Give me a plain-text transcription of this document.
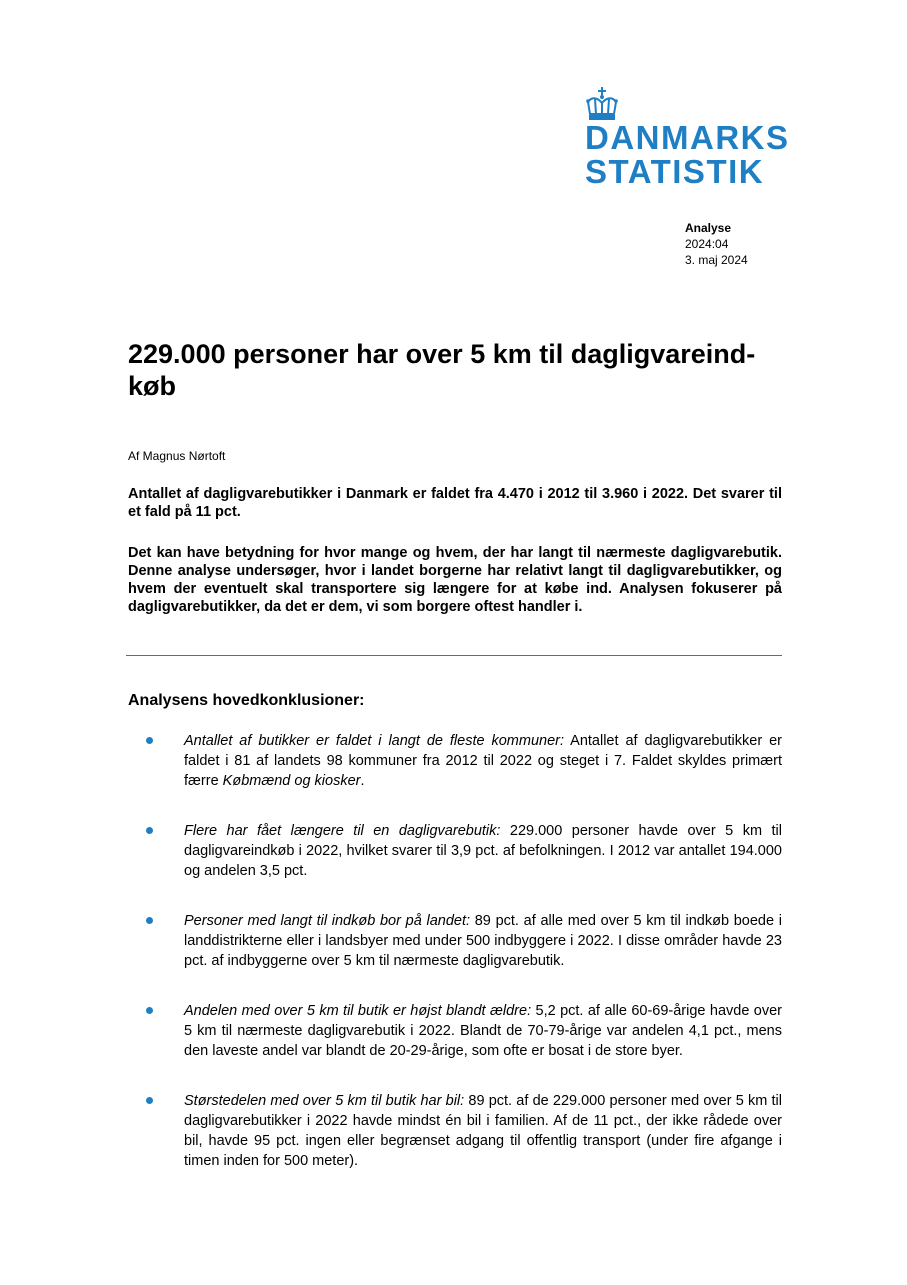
DANMARKS
STATISTIK
Analyse
2024:04
3. maj 2024
229.000 personer har over 5 km til dagligvareind-køb
Af Magnus Nørtoft

Antallet af dagligvarebutikker i Danmark er faldet fra 4.470 i 2012 til 3.960 i 2022. Det svarer til et fald på 11 pct.

Det kan have betydning for hvor mange og hvem, der har langt til nærmeste dagligvarebutik. Denne analyse undersøger, hvor i landet borgerne har relativt langt til dagligvarebutikker, og hvem der eventuelt skal transportere sig længere for at købe ind. Analysen fokuserer på dagligvarebutikker, da det er dem, vi som borgere oftest handler i.

Analysens hovedkonklusioner:
Antallet af butikker er faldet i langt de fleste kommuner: Antallet af dagligvarebutikker er faldet i 81 af landets 98 kommuner fra 2012 til 2022 og steget i 7. Faldet skyldes primært færre Købmænd og kiosker.
Flere har fået længere til en dagligvarebutik: 229.000 personer havde over 5 km til dagligvareindkøb i 2022, hvilket svarer til 3,9 pct. af befolkningen. I 2012 var antallet 194.000 og andelen 3,5 pct.
Personer med langt til indkøb bor på landet: 89 pct. af alle med over 5 km til indkøb boede i landdistrikterne eller i landsbyer med under 500 indbyggere i 2022. I disse områder havde 23 pct. af indbyggerne over 5 km til nærmeste dagligvarebutik.
Andelen med over 5 km til butik er højst blandt ældre: 5,2 pct. af alle 60-69-årige havde over 5 km til nærmeste dagligvarebutik i 2022. Blandt de 70-79-årige var andelen 4,1 pct., mens den laveste andel var blandt de 20-29-årige, som ofte er bosat i de store byer.
Størstedelen med over 5 km til butik har bil: 89 pct. af de 229.000 personer med over 5 km til dagligvarebutikker i 2022 havde mindst én bil i familien. Af de 11 pct., der ikke rådede over bil, havde 95 pct. ingen eller begrænset adgang til offentlig transport (under fire afgange i timen inden for 500 meter).
